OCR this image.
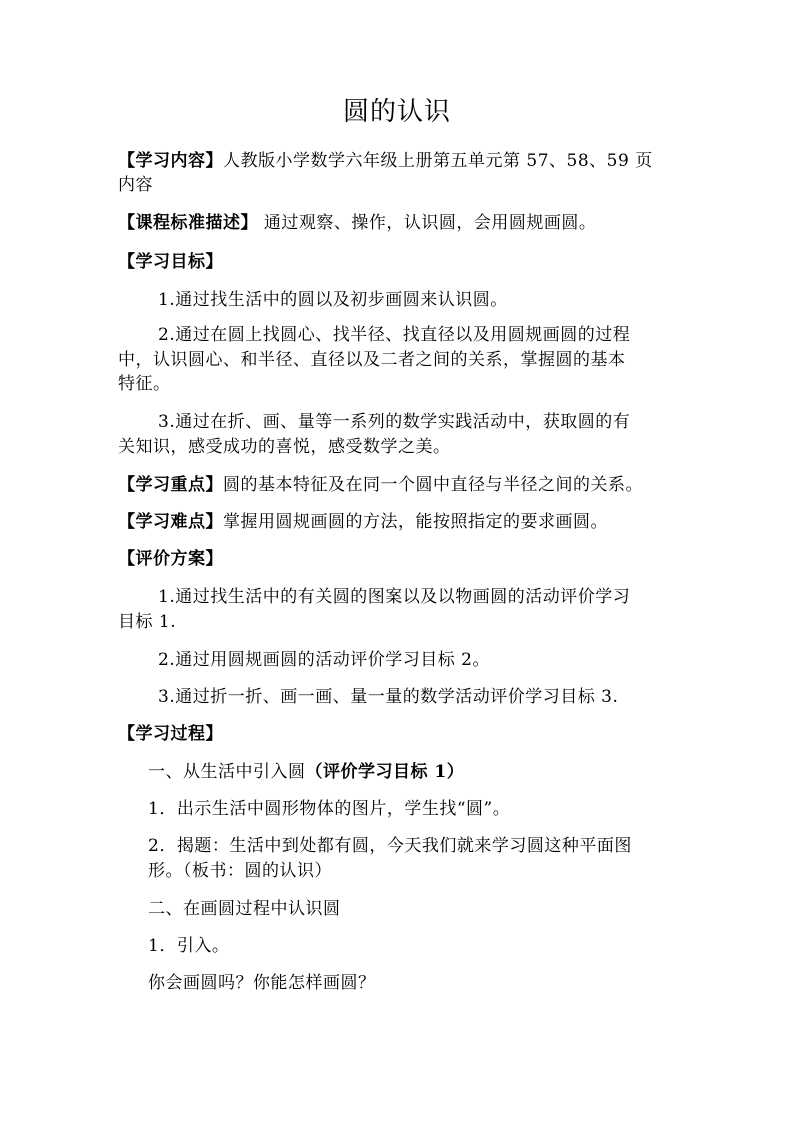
圆的认识
【学习内容】人教版小学数学六年级上册第五单元第 57、58、59 页
内容
【课程标准描述】 通过观察、操作，认识圆，会用圆规画圆。
【学习目标】
1.通过找生活中的圆以及初步画圆来认识圆。
2.通过在圆上找圆心、找半径、找直径以及用圆规画圆的过程
中，认识圆心、和半径、直径以及二者之间的关系，掌握圆的基本
特征。
3.通过在折、画、量等一系列的数学实践活动中，获取圆的有
关知识，感受成功的喜悦，感受数学之美。
【学习重点】圆的基本特征及在同一个圆中直径与半径之间的关系。
【学习难点】掌握用圆规画圆的方法，能按照指定的要求画圆。
【评价方案】
1.通过找生活中的有关圆的图案以及以物画圆的活动评价学习
目标 1.
2.通过用圆规画圆的活动评价学习目标 2。
3.通过折一折、画一画、量一量的数学活动评价学习目标 3.
【学习过程】
一、从生活中引入圆（评价学习目标 1）
1．出示生活中圆形物体的图片，学生找“圆”。
2．揭题：生活中到处都有圆，今天我们就来学习圆这种平面图
形。（板书：圆的认识）
二、在画圆过程中认识圆
1．引入。
你会画圆吗？你能怎样画圆？
